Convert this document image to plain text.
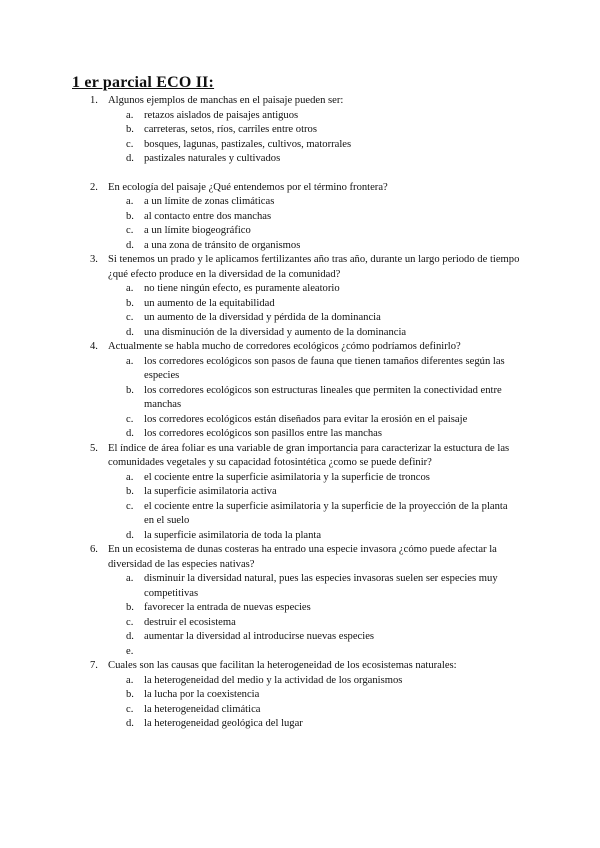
1 er parcial ECO II:
1. Algunos ejemplos de manchas en el paisaje pueden ser:
a. retazos aislados de paisajes antiguos
b. carreteras, setos, ríos, carriles entre otros
c. bosques, lagunas, pastizales, cultivos, matorrales
d. pastizales naturales y cultivados
2. En ecología del paisaje ¿Qué entendemos por el término frontera?
a. a un límite de zonas climáticas
b. al contacto entre dos manchas
c. a un límite biogeográfico
d. a una zona de tránsito de organismos
3. Si tenemos un prado y le aplicamos fertilizantes año tras año, durante un largo periodo de tiempo ¿qué efecto produce en la diversidad de la comunidad?
a. no tiene ningún efecto, es puramente aleatorio
b. un aumento de la equitabilidad
c. un aumento de la diversidad y pérdida de la dominancia
d. una disminución de la diversidad y aumento de la dominancia
4. Actualmente se habla mucho de corredores ecológicos ¿cómo podríamos definirlo?
a. los corredores ecológicos son pasos de fauna que tienen tamaños diferentes según las especies
b. los corredores ecológicos son estructuras lineales que permiten la conectividad entre manchas
c. los corredores ecológicos están diseñados para evitar la erosión en el paisaje
d. los corredores ecológicos son pasillos entre las manchas
5. El índice de área foliar es una variable de gran importancia para caracterizar la estuctura de las comunidades vegetales y su capacidad fotosintética ¿como se puede definir?
a. el cociente entre la superficie asimilatoria y la superficie de troncos
b. la superficie asimilatoria activa
c. el cociente entre la superficie asimilatoria y la superficie de la proyección de la planta en el suelo
d. la superficie asimilatoria de toda la planta
6. En un ecosistema de dunas costeras ha entrado una especie invasora ¿cómo puede afectar la diversidad de las especies nativas?
a. disminuir la diversidad natural, pues las especies invasoras suelen ser especies muy competitivas
b. favorecer la entrada de nuevas especies
c. destruir el ecosistema
d. aumentar la diversidad al introducirse nuevas especies
e.
7. Cuales son las causas que facilitan la heterogeneidad de los ecosistemas naturales:
a. la heterogeneidad del medio y la actividad de los organismos
b. la lucha por la coexistencia
c. la heterogeneidad climática
d. la heterogeneidad geológica del lugar
